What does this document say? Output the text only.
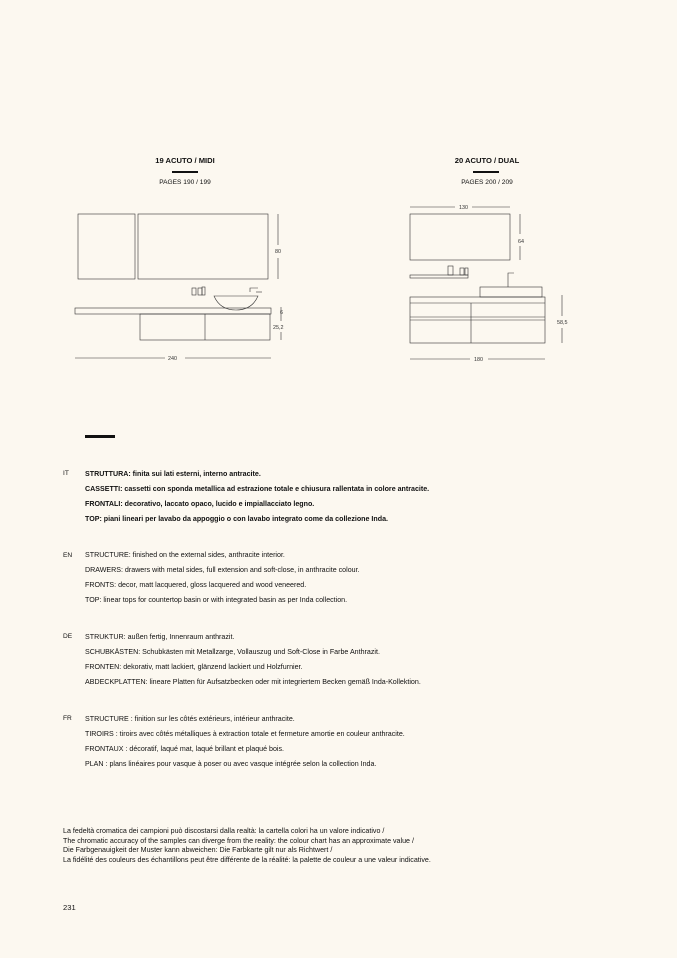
19 ACUTO / MIDI
PAGES 190 / 199
20 ACUTO / DUAL
PAGES 200 / 209
80
6
25,2
240
130
64
58,5
180
IT STRUTTURA: finita sui lati esterni, interno antracite.
CASSETTI: cassetti con sponda metallica ad estrazione totale e chiusura rallentata in colore antracite.
FRONTALI: decorativo, laccato opaco, lucido e impiallacciato legno.
TOP: piani lineari per lavabo da appoggio o con lavabo integrato come da collezione Inda.
EN STRUCTURE: finished on the external sides, anthracite interior.
DRAWERS: drawers with metal sides, full extension and soft-close, in anthracite colour.
FRONTS: decor, matt lacquered, gloss lacquered and wood veneered.
TOP: linear tops for countertop basin or with integrated basin as per Inda collection.
DE STRUKTUR: außen fertig, Innenraum anthrazit.
SCHUBKÄSTEN: Schubkästen mit Metallzarge, Vollauszug und Soft-Close in Farbe Anthrazit.
FRONTEN: dekorativ, matt lackiert, glänzend lackiert und Holzfurnier.
ABDECKPLATTEN: lineare Platten für Aufsatzbecken oder mit integriertem Becken gemäß Inda-Kollektion.
FR STRUCTURE : finition sur les côtés extérieurs, intérieur anthracite.
TIROIRS : tiroirs avec côtés métalliques à extraction totale et fermeture amortie en couleur anthracite.
FRONTAUX : décoratif, laqué mat, laqué brillant et plaqué bois.
PLAN : plans linéaires pour vasque à poser ou avec vasque intégrée selon la collection Inda.
La fedeltà cromatica dei campioni può discostarsi dalla realtà: la cartella colori ha un valore indicativo /
The chromatic accuracy of the samples can diverge from the reality: the colour chart has an approximate value /
Die Farbgenauigkeit der Muster kann abweichen: Die Farbkarte gilt nur als Richtwert /
La fidélité des couleurs des échantillons peut être différente de la réalité: la palette de couleur a une valeur indicative.
231
